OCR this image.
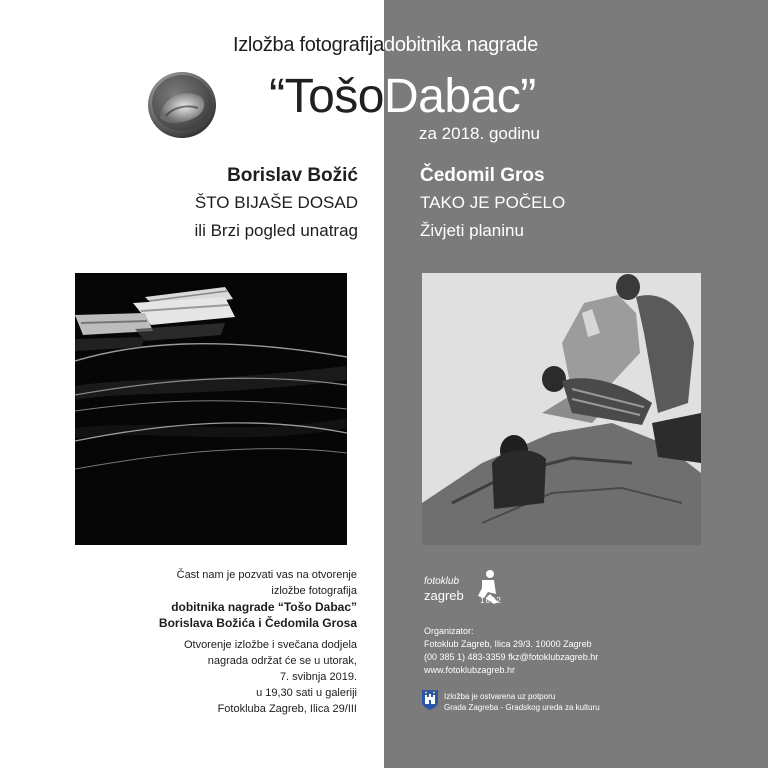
Izložba fotografija dobitnika nagrade
“Tošo Dabac”
za 2018. godinu
Borislav Božić
ŠTO BIJAŠE DOSAD
ili Brzi pogled unatrag
Čedomil Gros
TAKO JE POČELO
Živjeti planinu
Čast nam je pozvati vas na otvorenje
izložbe fotografija
dobitnika nagrade “Tošo Dabac”
Borislava Božića i Čedomila Grosa
Otvorenje izložbe i svečana dodjela
nagrada održat će se u utorak,
7. svibnja 2019.
u 19,30 sati u galeriji
Fotokluba Zagreb, Ilica 29/III
fotoklub
zagreb 1892
Organizator:
Fotoklub Zagreb, Ilica 29/3. 10000 Zagreb
(00 385 1) 483-3359 fkz@fotoklubzagreb.hr
www.fotoklubzagreb.hr
Izložba je ostvarena uz potporu
Grada Zagreba - Gradskog ureda za kulturu
